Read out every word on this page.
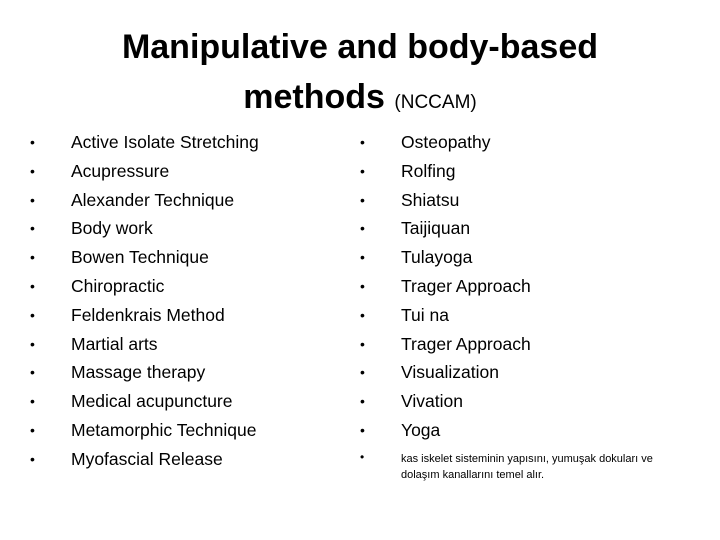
Manipulative and body-based
methods (NCCAM)
•	Active Isolate Stretching
•	Acupressure
•	Alexander Technique
•	Body work
•	Bowen Technique
•	Chiropractic
•	Feldenkrais Method
•	Martial arts
•	Massage therapy
•	Medical acupuncture
•	Metamorphic Technique
•	Myofascial Release
•	Osteopathy
•	Rolfing
•	Shiatsu
•	Taijiquan
•	Tulayoga
•	Trager Approach
•	Tui na
•	Trager Approach
•	Visualization
•	Vivation
•	Yoga
•	kas iskelet sisteminin yapısını, yumuşak dokuları ve dolaşım kanallarını temel alır.
